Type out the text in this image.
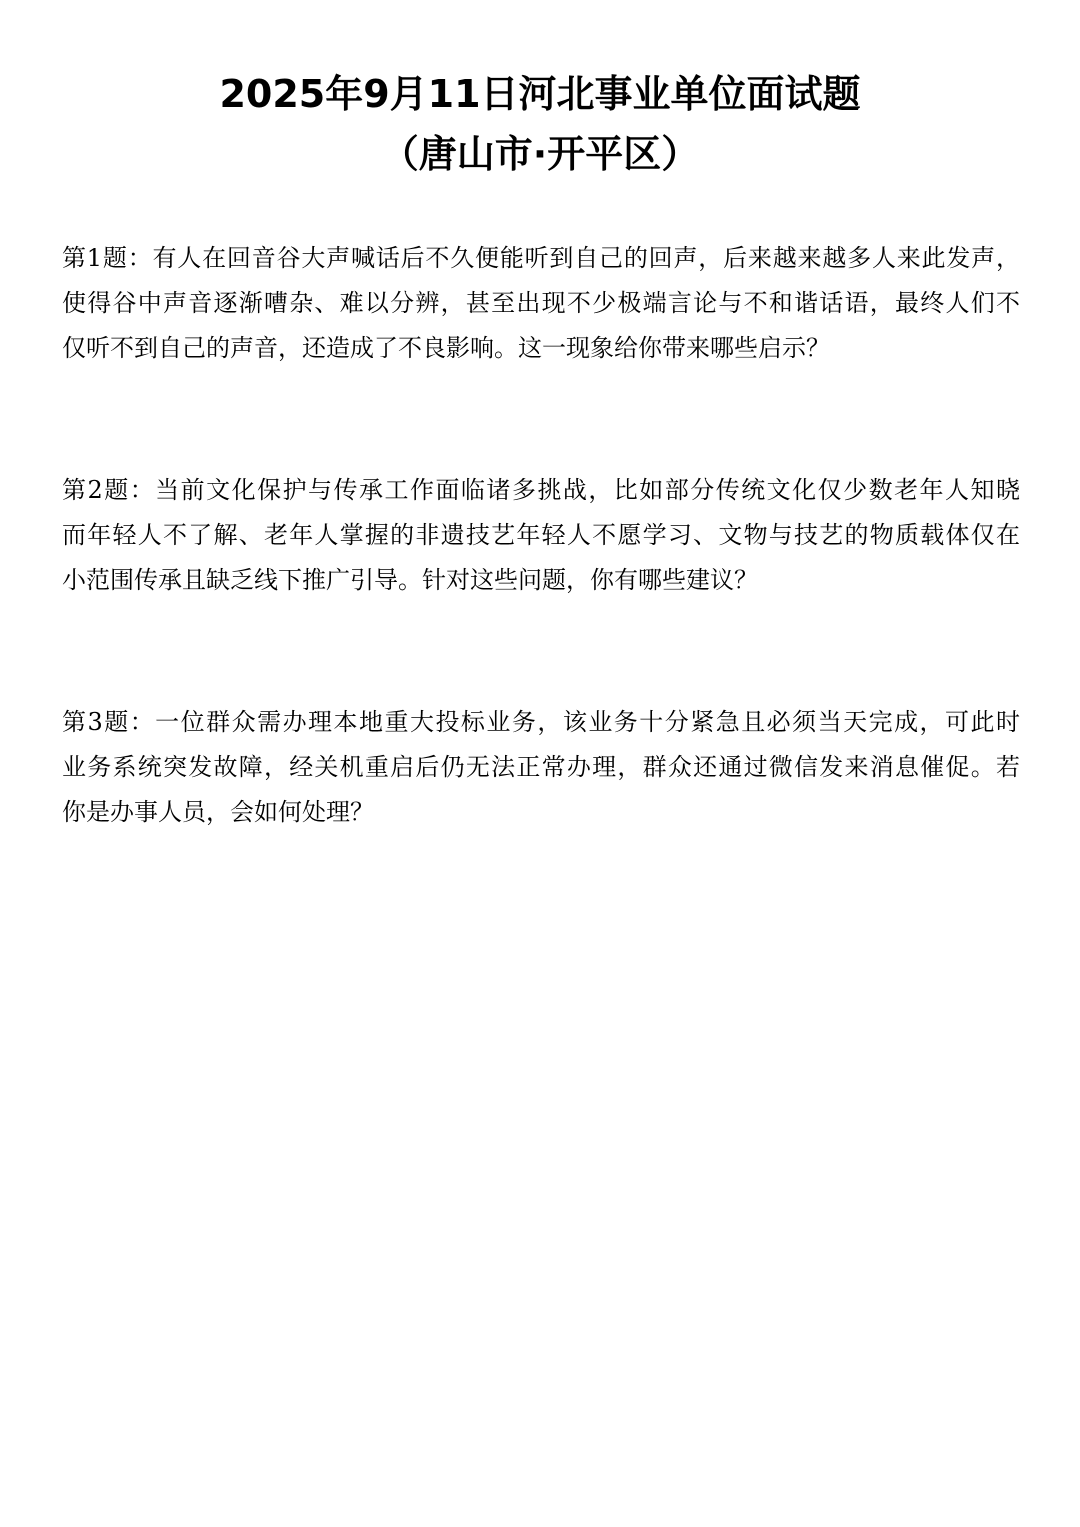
2025年9月11日河北事业单位面试题
（唐山市·开平区）
第1题：有人在回音谷大声喊话后不久便能听到自己的回声，后来越来越多人来此发声，
使得谷中声音逐渐嘈杂、难以分辨，甚至出现不少极端言论与不和谐话语，最终人们不
仅听不到自己的声音，还造成了不良影响。这一现象给你带来哪些启示？
第2题：当前文化保护与传承工作面临诸多挑战，比如部分传统文化仅少数老年人知晓
而年轻人不了解、老年人掌握的非遗技艺年轻人不愿学习、文物与技艺的物质载体仅在
小范围传承且缺乏线下推广引导。针对这些问题，你有哪些建议？
第3题：一位群众需办理本地重大投标业务，该业务十分紧急且必须当天完成，可此时
业务系统突发故障，经关机重启后仍无法正常办理，群众还通过微信发来消息催促。若
你是办事人员，会如何处理？
